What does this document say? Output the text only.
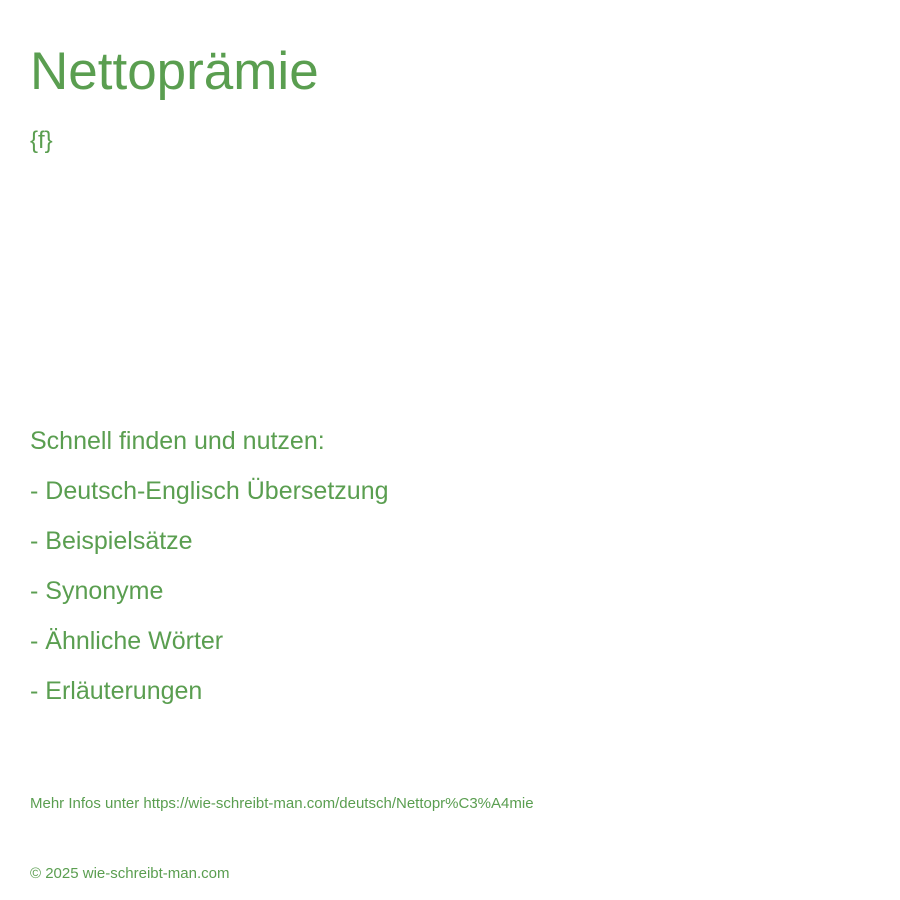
Nettoprämie
{f}
Schnell finden und nutzen:
- Deutsch-Englisch Übersetzung
- Beispielsätze
- Synonyme
- Ähnliche Wörter
- Erläuterungen
Mehr Infos unter https://wie-schreibt-man.com/deutsch/Nettopr%C3%A4mie
© 2025 wie-schreibt-man.com
